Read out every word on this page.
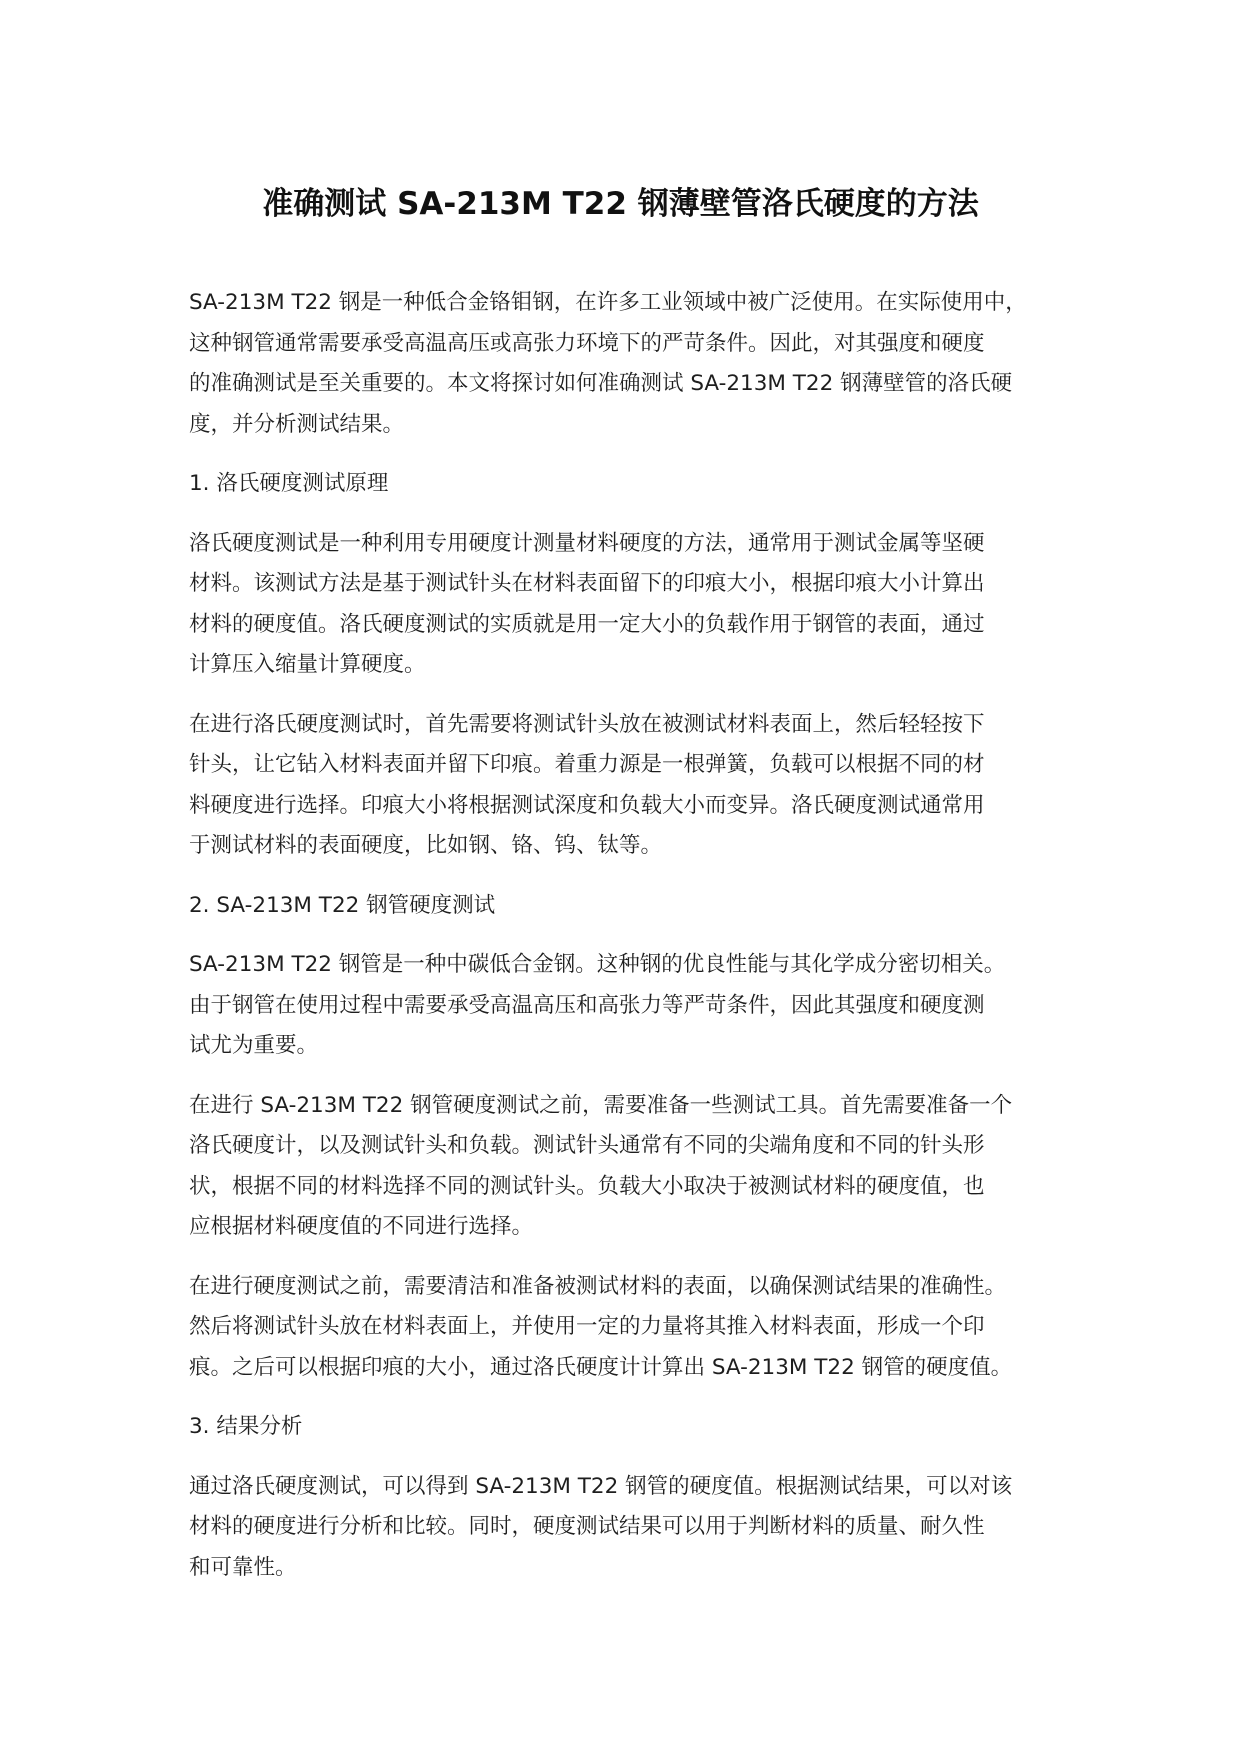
准确测试 SA-213M T22 钢薄壁管洛氏硬度的方法
SA-213M T22 钢是一种低合金铬钼钢，在许多工业领域中被广泛使用。在实际使用中，
这种钢管通常需要承受高温高压或高张力环境下的严苛条件。因此，对其强度和硬度
的准确测试是至关重要的。本文将探讨如何准确测试 SA-213M T22 钢薄壁管的洛氏硬
度，并分析测试结果。
1. 洛氏硬度测试原理
洛氏硬度测试是一种利用专用硬度计测量材料硬度的方法，通常用于测试金属等坚硬
材料。该测试方法是基于测试针头在材料表面留下的印痕大小，根据印痕大小计算出
材料的硬度值。洛氏硬度测试的实质就是用一定大小的负载作用于钢管的表面，通过
计算压入缩量计算硬度。
在进行洛氏硬度测试时，首先需要将测试针头放在被测试材料表面上，然后轻轻按下
针头，让它钻入材料表面并留下印痕。着重力源是一根弹簧，负载可以根据不同的材
料硬度进行选择。印痕大小将根据测试深度和负载大小而变异。洛氏硬度测试通常用
于测试材料的表面硬度，比如钢、铬、钨、钛等。
2. SA-213M T22 钢管硬度测试
SA-213M T22 钢管是一种中碳低合金钢。这种钢的优良性能与其化学成分密切相关。
由于钢管在使用过程中需要承受高温高压和高张力等严苛条件，因此其强度和硬度测
试尤为重要。
在进行 SA-213M T22 钢管硬度测试之前，需要准备一些测试工具。首先需要准备一个
洛氏硬度计，以及测试针头和负载。测试针头通常有不同的尖端角度和不同的针头形
状，根据不同的材料选择不同的测试针头。负载大小取决于被测试材料的硬度值，也
应根据材料硬度值的不同进行选择。
在进行硬度测试之前，需要清洁和准备被测试材料的表面，以确保测试结果的准确性。
然后将测试针头放在材料表面上，并使用一定的力量将其推入材料表面，形成一个印
痕。之后可以根据印痕的大小，通过洛氏硬度计计算出 SA-213M T22 钢管的硬度值。
3. 结果分析
通过洛氏硬度测试，可以得到 SA-213M T22 钢管的硬度值。根据测试结果，可以对该
材料的硬度进行分析和比较。同时，硬度测试结果可以用于判断材料的质量、耐久性
和可靠性。
